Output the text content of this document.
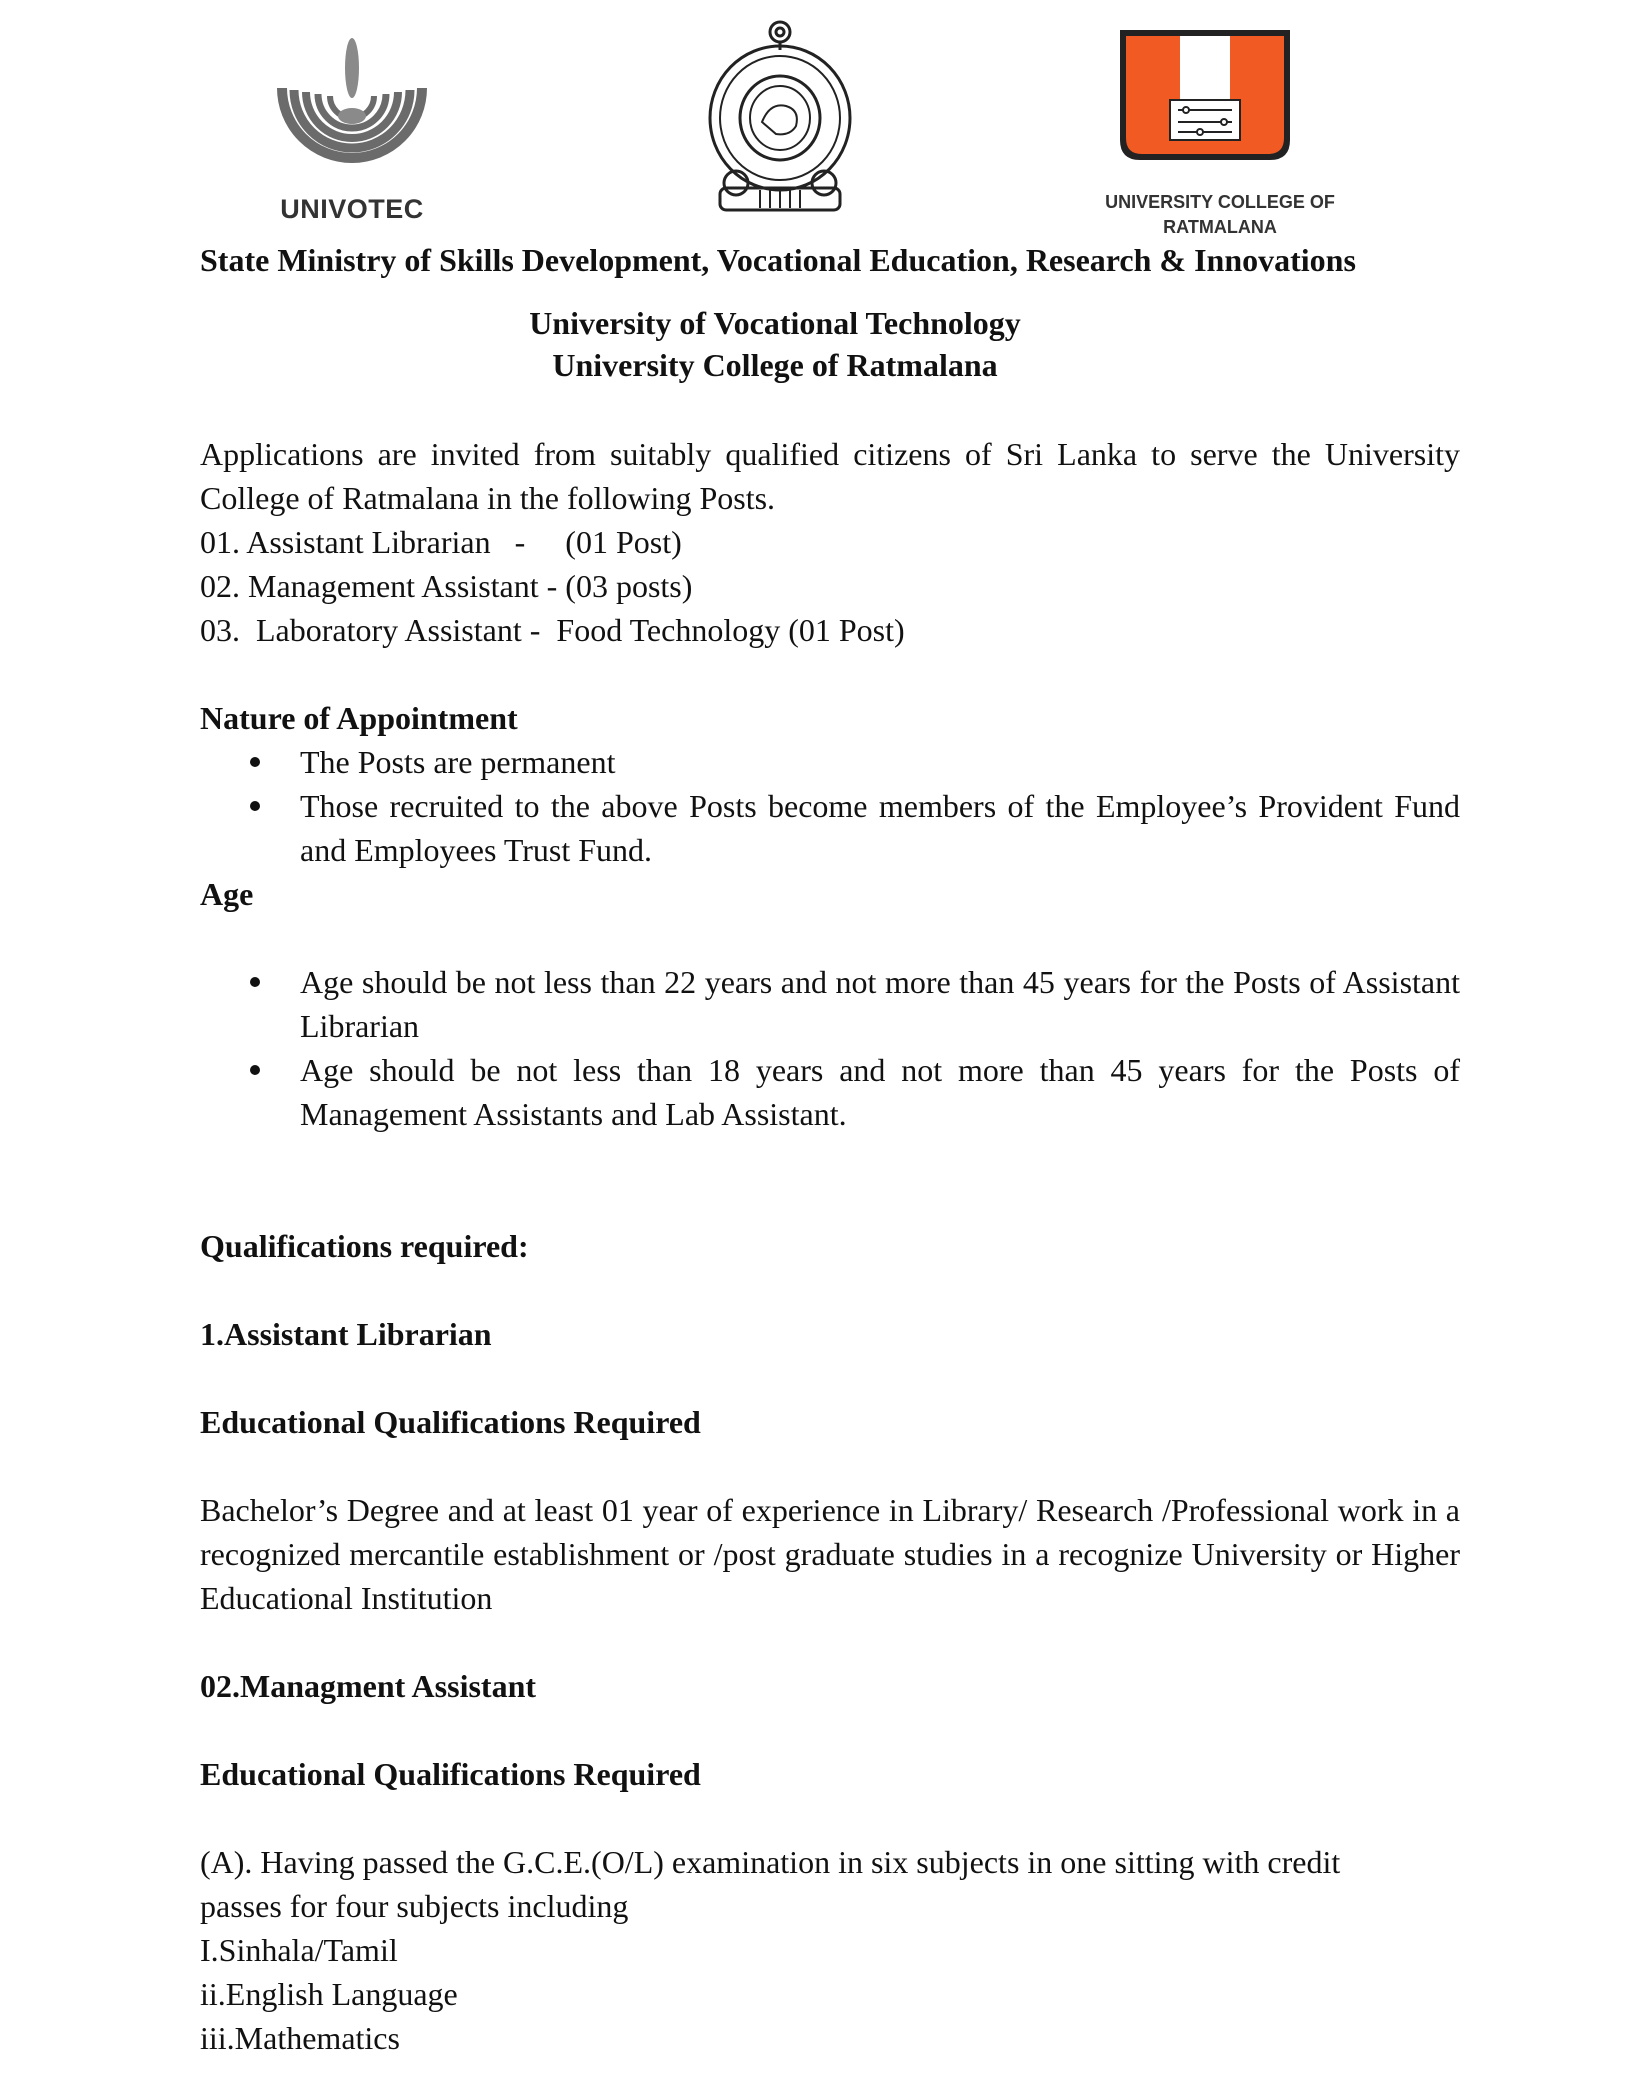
UNIVOTEC	UNIVERSITY COLLEGE OF
RATMALANA

State Ministry of Skills Development, Vocational Education, Research & Innovations

University of Vocational Technology
University College of Ratmalana

Applications are invited from suitably qualified citizens of Sri Lanka to serve the University College of Ratmalana in the following Posts.

01. Assistant Librarian   -     (01 Post)

02. Management Assistant - (03 posts)

03.  Laboratory Assistant -  Food Technology (01 Post)

Nature of Appointment

The Posts are permanent
Those recruited to the above Posts become members of the Employee’s Provident Fund and Employees Trust Fund.

Age

Age should be not less than 22 years and not more than 45 years for the Posts of Assistant Librarian
Age should be not less than 18 years and not more than 45 years for the Posts of Management Assistants and Lab Assistant.

Qualifications required:

1.Assistant Librarian

Educational Qualifications Required

Bachelor’s Degree and at least 01 year of experience in Library/ Research /Professional work in a recognized mercantile establishment or /post graduate studies in a recognize University or Higher Educational Institution

02.Managment Assistant

Educational Qualifications Required

(A). Having passed the G.C.E.(O/L) examination in six subjects in one sitting with credit

passes for four subjects including

I.Sinhala/Tamil

ii.English Language

iii.Mathematics
